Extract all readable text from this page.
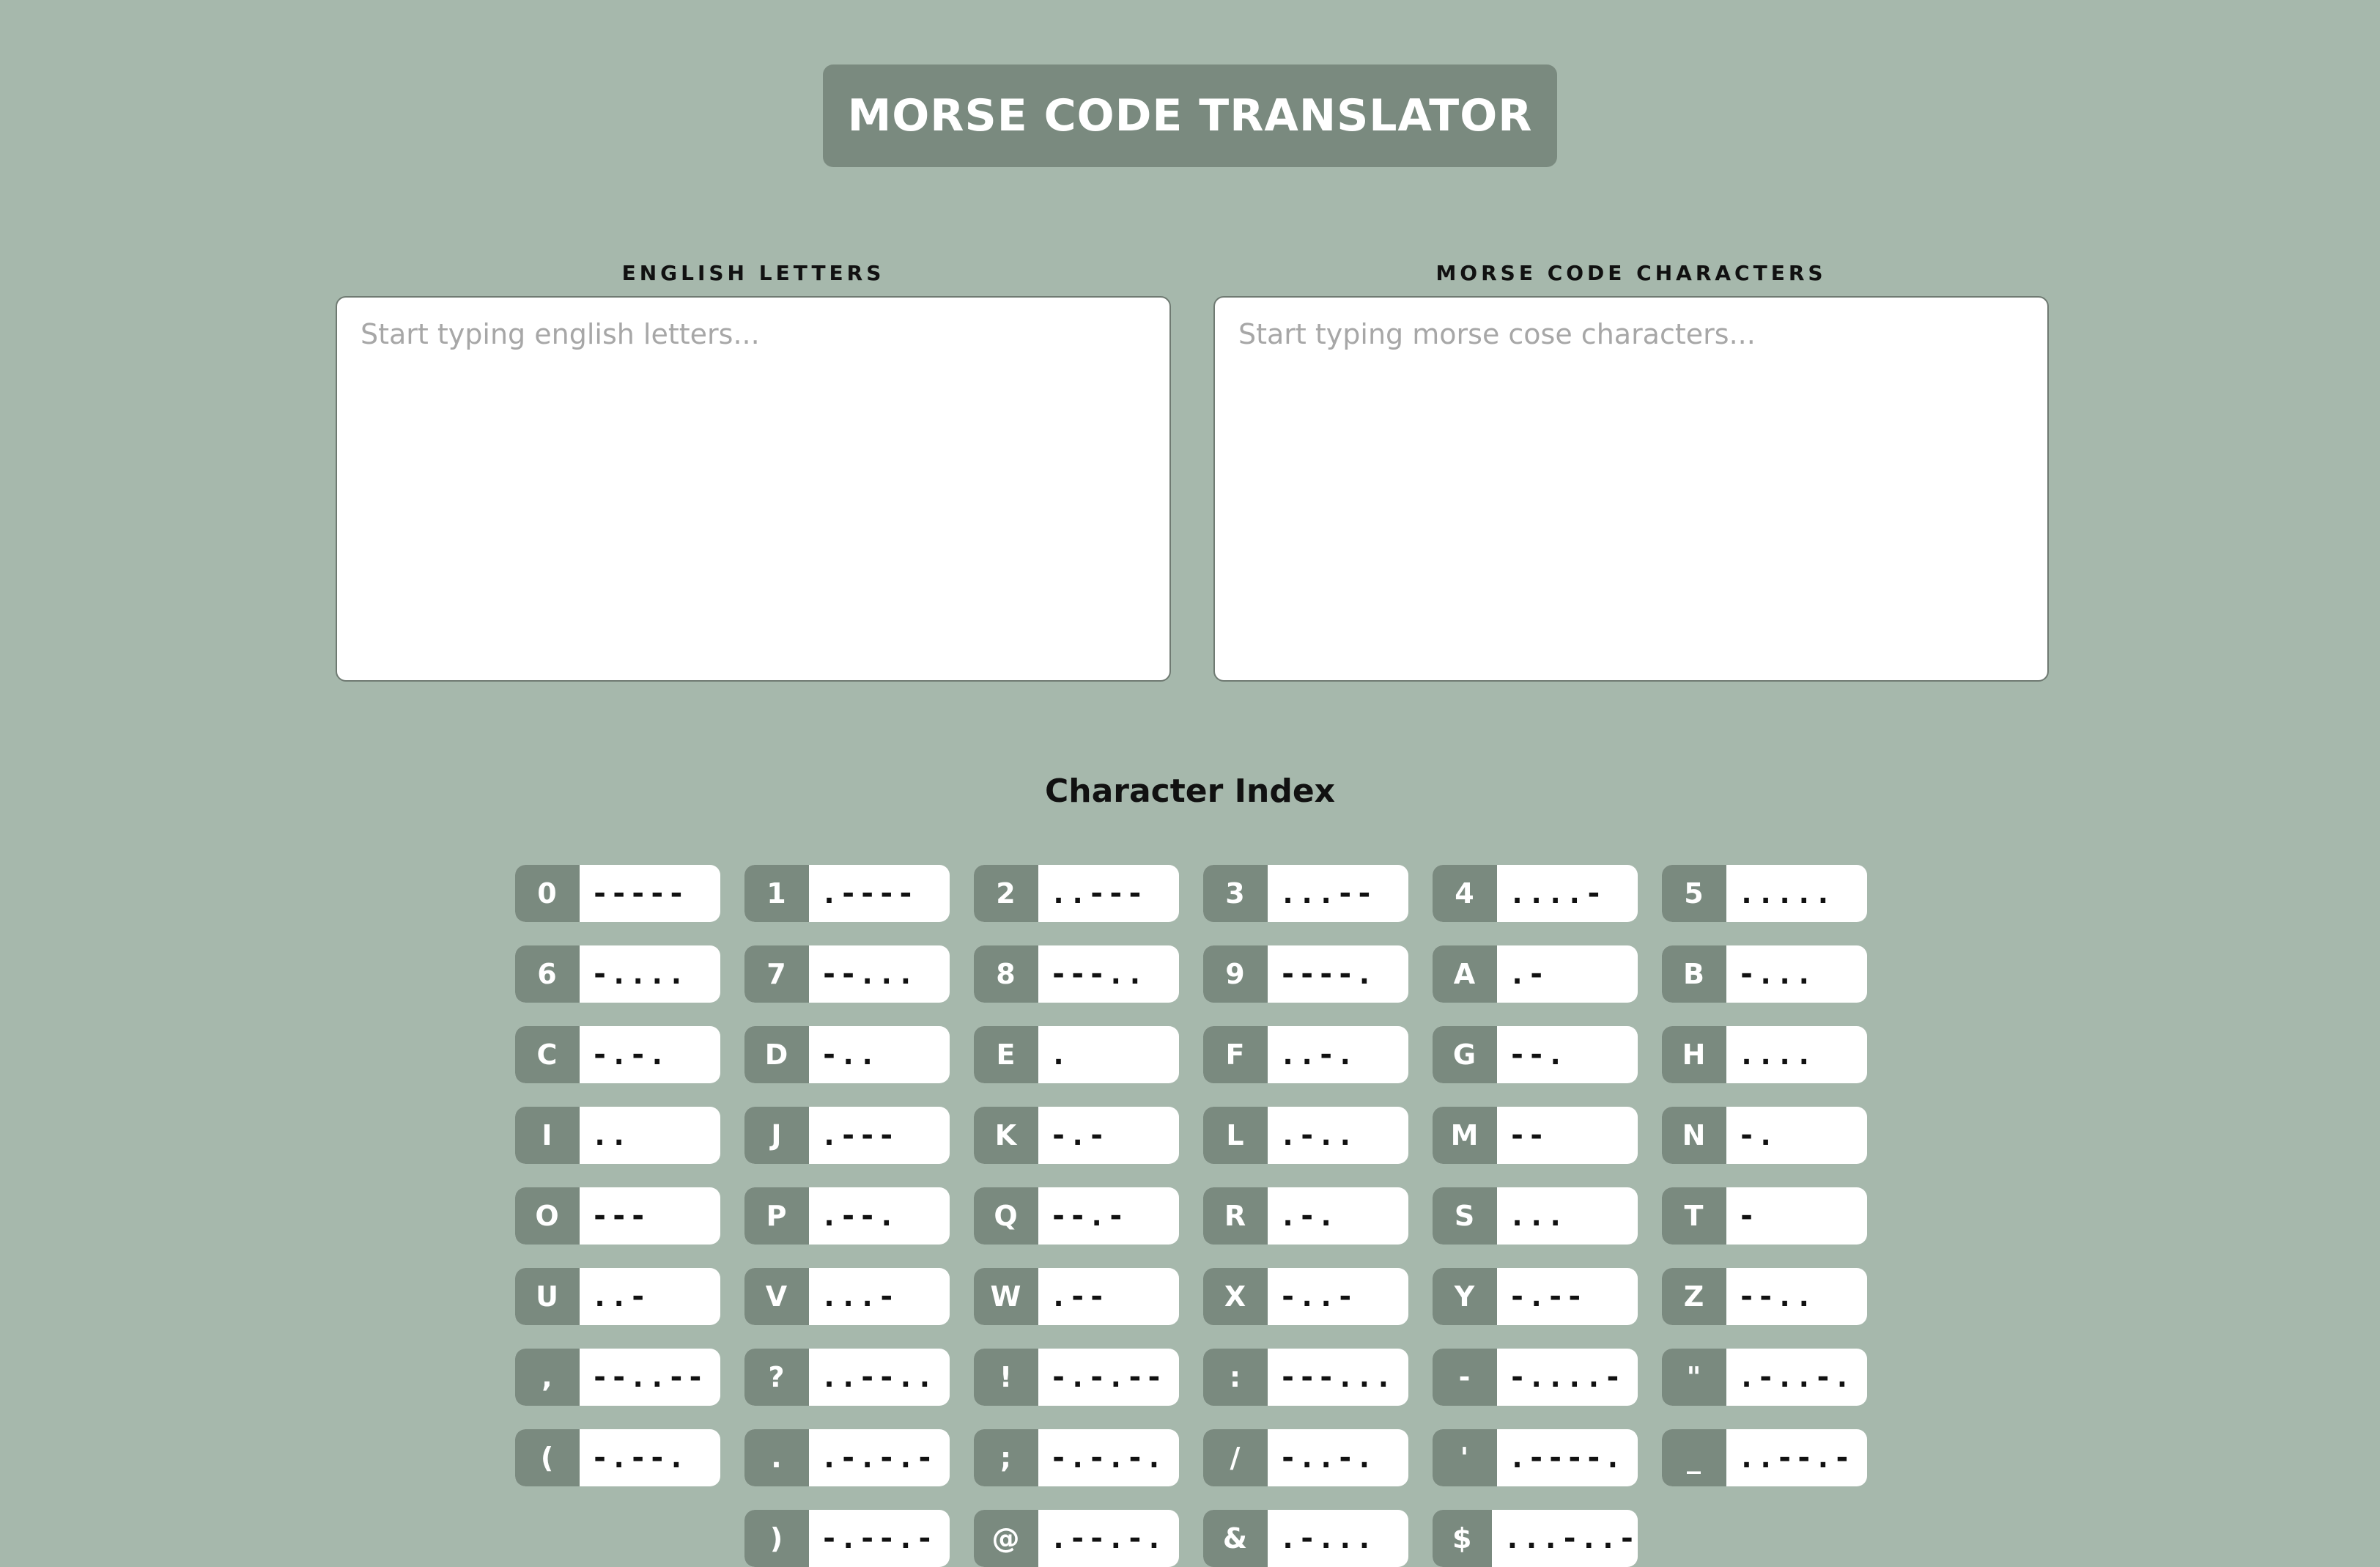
MORSE CODE TRANSLATOR
ENGLISH LETTERS
Start typing english letters...	MORSE CODE CHARACTERS
Start typing morse cose characters...
Character Index
0	-----	1	.----	2	..---	3	...--	4	....-	5	.....
6	-....	7	--...	8	---..	9	----.	A	.-	B	-...
C	-.-.	D	-..	E	.	F	..-.	G	--.	H	....
I	..	J	.---	K	-.-	L	.-..	M	--	N	-.
O	---	P	.--.	Q	--.-	R	.-.	S	...	T	-
U	..-	V	...-	W .--	X	-..-	Y	-.--	Z	--..
,	--..--	?	..--..	!	-.-.--	:	---...	-	-....-	"	.-..-.
(	-.--.	.	.-.-.-	;	-.-.-.	/	-..-.	'	.----.	_	..--.-
)	-.--.-	@	.--.-.	&	.-...	$	...-..-
